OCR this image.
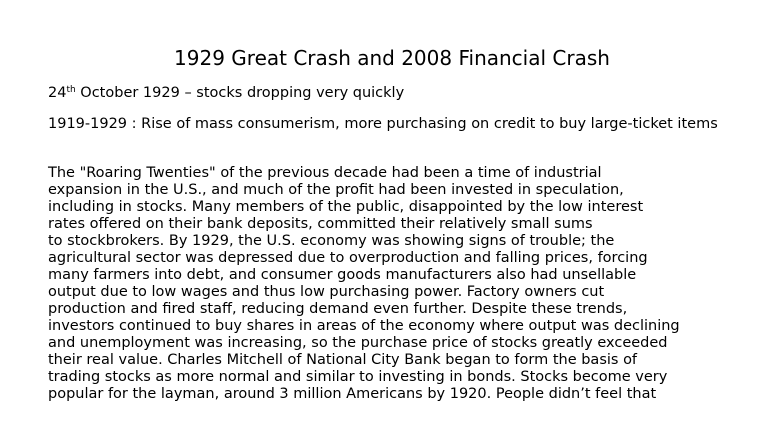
1929 Great Crash and 2008 Financial Crash
24th October 1929 – stocks dropping very quickly
1919-1929 : Rise of mass consumerism, more purchasing on credit to buy large-ticket items
The "Roaring Twenties" of the previous decade had been a time of industrial
expansion in the U.S., and much of the profit had been invested in speculation,
including in stocks. Many members of the public, disappointed by the low interest
rates offered on their bank deposits, committed their relatively small sums
to stockbrokers. By 1929, the U.S. economy was showing signs of trouble; the
agricultural sector was depressed due to overproduction and falling prices, forcing
many farmers into debt, and consumer goods manufacturers also had unsellable
output due to low wages and thus low purchasing power. Factory owners cut
production and fired staff, reducing demand even further. Despite these trends,
investors continued to buy shares in areas of the economy where output was declining
and unemployment was increasing, so the purchase price of stocks greatly exceeded
their real value. Charles Mitchell of National City Bank began to form the basis of
trading stocks as more normal and similar to investing in bonds. Stocks become very
popular for the layman, around 3 million Americans by 1920. People didn’t feel that
